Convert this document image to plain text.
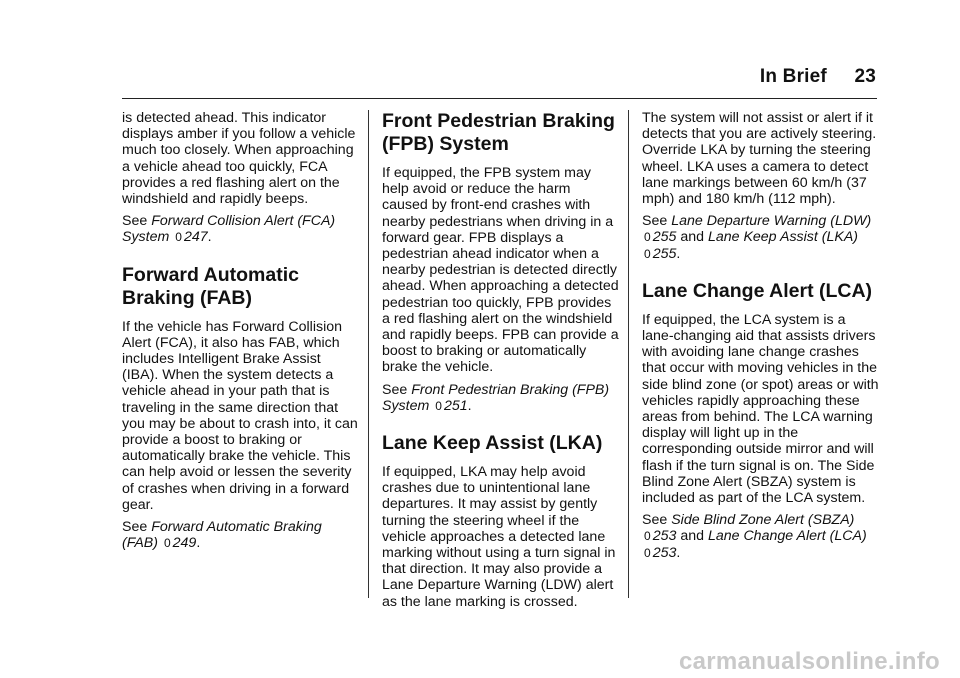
In Brief 23

is detected ahead. This indicator displays amber if you follow a vehicle much too closely. When approaching a vehicle ahead too quickly, FCA provides a red flashing alert on the windshield and rapidly beeps.

See Forward Collision Alert (FCA) System 0 247.

Forward Automatic Braking (FAB)

If the vehicle has Forward Collision Alert (FCA), it also has FAB, which includes Intelligent Brake Assist (IBA). When the system detects a vehicle ahead in your path that is traveling in the same direction that you may be about to crash into, it can provide a boost to braking or automatically brake the vehicle. This can help avoid or lessen the severity of crashes when driving in a forward gear.

See Forward Automatic Braking (FAB) 0 249.

Front Pedestrian Braking (FPB) System

If equipped, the FPB system may help avoid or reduce the harm caused by front-end crashes with nearby pedestrians when driving in a forward gear. FPB displays a pedestrian ahead indicator when a nearby pedestrian is detected directly ahead. When approaching a detected pedestrian too quickly, FPB provides a red flashing alert on the windshield and rapidly beeps. FPB can provide a boost to braking or automatically brake the vehicle.

See Front Pedestrian Braking (FPB) System 0 251.

Lane Keep Assist (LKA)

If equipped, LKA may help avoid crashes due to unintentional lane departures. It may assist by gently turning the steering wheel if the vehicle approaches a detected lane marking without using a turn signal in that direction. It may also provide a Lane Departure Warning (LDW) alert as the lane marking is crossed.

The system will not assist or alert if it detects that you are actively steering. Override LKA by turning the steering wheel. LKA uses a camera to detect lane markings between 60 km/h (37 mph) and 180 km/h (112 mph).

See Lane Departure Warning (LDW) 0 255 and Lane Keep Assist (LKA) 0 255.

Lane Change Alert (LCA)

If equipped, the LCA system is a lane-changing aid that assists drivers with avoiding lane change crashes that occur with moving vehicles in the side blind zone (or spot) areas or with vehicles rapidly approaching these areas from behind. The LCA warning display will light up in the corresponding outside mirror and will flash if the turn signal is on. The Side Blind Zone Alert (SBZA) system is included as part of the LCA system.

See Side Blind Zone Alert (SBZA) 0 253 and Lane Change Alert (LCA) 0 253.

carmanualsonline.info
